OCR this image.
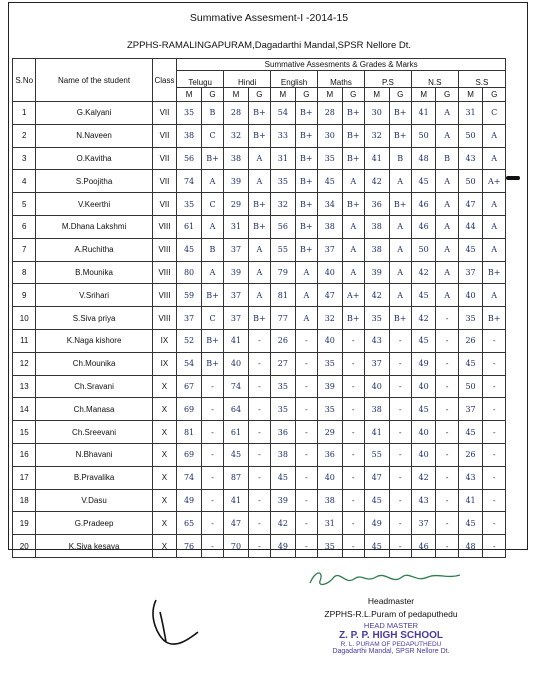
Summative Assesment-I -2014-15
ZPPHS-RAMALINGAPURAM,Dagadarthi Mandal,SPSR Nellore Dt.
S.No	Name of the student	Class	Summative Assesments & Grades & Marks													
			Telugu		Hindi		English		Maths		P.S		N.S		S.S	
			M	G	M	G	M	G	M	G	M	G	M	G	M	G
1	G.Kalyani	VII	35	B	28	B+	54	B+	28	B+	30	B+	41	A	31	C
2	N.Naveen	VII	38	C	32	B+	33	B+	30	B+	32	B+	50	A	50	A
3	O.Kavitha	VII	56	B+	38	A	31	B+	35	B+	41	B	48	B	43	A
4	S.Poojitha	VII	74	A	39	A	35	B+	45	A	42	A	45	A	50	A+
5	V.Keerthi	VII	35	C	29	B+	32	B+	34	B+	36	B+	46	A	47	A
6	M.Dhana Lakshmi	VIII	61	A	31	B+	56	B+	38	A	38	A	46	A	44	A
7	A.Ruchitha	VIII	45	B	37	A	55	B+	37	A	38	A	50	A	45	A
8	B.Mounika	VIII	80	A	39	A	79	A	40	A	39	A	42	A	37	B+
9	V.Srihari	VIII	59	B+	37	A	81	A	47	A+	42	A	45	A	40	A
10	S.Siva priya	VIII	37	C	37	B+	77	A	32	B+	35	B+	42	-	35	B+
11	K.Naga kishore	IX	52	B+	41	-	26	-	40	-	43	-	45	-	26	-
12	Ch.Mounika	IX	54	B+	40	-	27	-	35	-	37	-	49	-	45	-
13	Ch.Sravani	X	67	-	74	-	35	-	39	-	40	-	40	-	50	-
14	Ch.Manasa	X	69	-	64	-	35	-	35	-	38	-	45	-	37	-
15	Ch.Sreevani	X	81	-	61	-	36	-	29	-	41	-	40	-	45	-
16	N.Bhavani	X	69	-	45	-	38	-	36	-	55	-	40	-	26	-
17	B.Pravalika	X	74	-	87	-	45	-	40	-	47	-	42	-	43	-
18	V.Dasu	X	49	-	41	-	39	-	38	-	45	-	43	-	41	-
19	G.Pradeep	X	65	-	47	-	42	-	31	-	49	-	37	-	45	-
20	K.Siva kesava	X	76	-	70	-	49	-	35	-	45	-	46	-	48	-
Headmaster
ZPPHS-R.L.Puram of pedaputhedu
HEAD MASTER
Z. P. P. HIGH SCHOOL
R. L. PURAM OF PEDAPUTHEDU
Dagadarthi Mandal, SPSR Nellore Dt.
